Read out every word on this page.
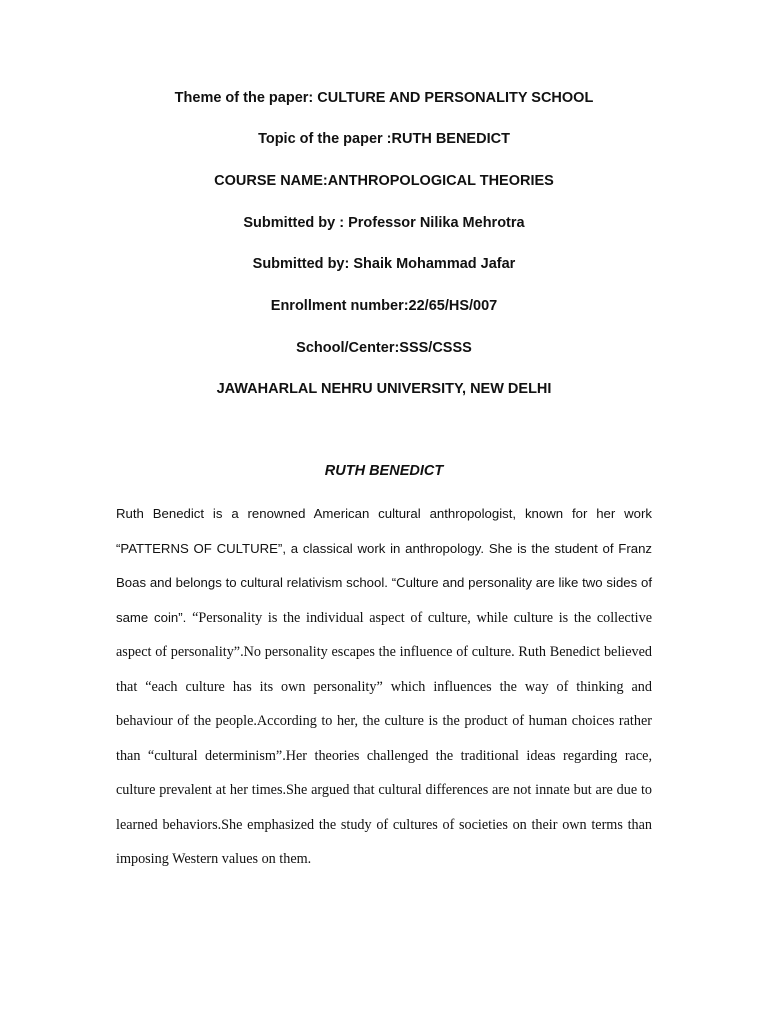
Theme of the paper: CULTURE AND PERSONALITY SCHOOL
Topic of the paper :RUTH BENEDICT
COURSE NAME:ANTHROPOLOGICAL THEORIES
Submitted by : Professor Nilika Mehrotra
Submitted by: Shaik Mohammad Jafar
Enrollment number:22/65/HS/007
School/Center:SSS/CSSS
JAWAHARLAL NEHRU UNIVERSITY, NEW DELHI
RUTH BENEDICT

Ruth Benedict is a renowned American cultural anthropologist, known for her work “PATTERNS OF CULTURE”, a classical work in anthropology. She is the student of Franz Boas and belongs to cultural relativism school. “Culture and personality are like two sides of same coin”. “Personality is the individual aspect of culture, while culture is the collective aspect of personality”.No personality escapes the influence of culture. Ruth Benedict believed that “each culture has its own personality” which influences the way of thinking and behaviour of the people.According to her, the culture is the product of human choices rather than “cultural determinism”.Her theories challenged the traditional ideas regarding race, culture prevalent at her times.She argued that cultural differences are not innate but are due to learned behaviors.She emphasized the study of cultures of societies on their own terms than imposing Western values on them.
